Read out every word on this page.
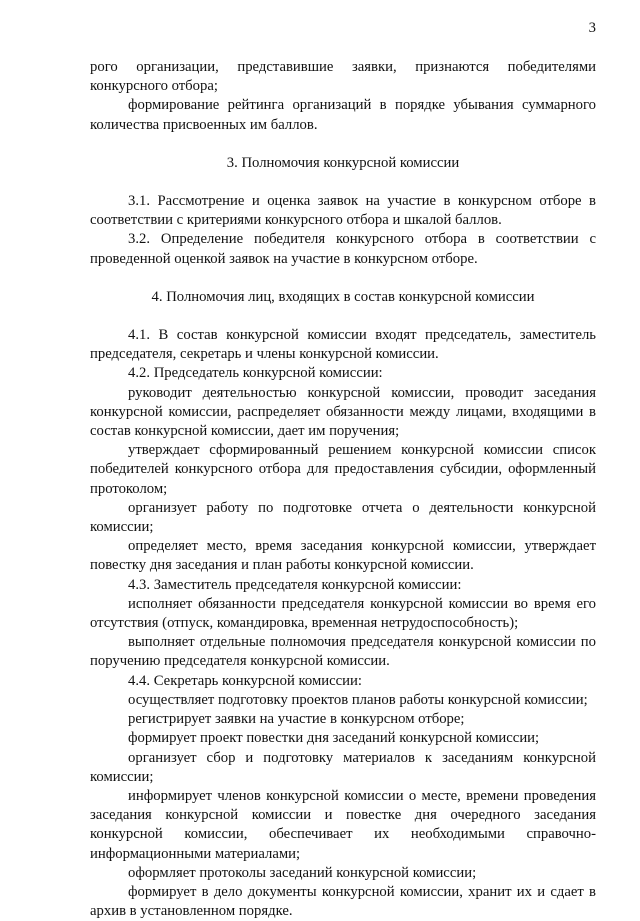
3

рого организации, представившие заявки, признаются победителями конкурсного отбора;

формирование рейтинга организаций в порядке убывания суммарного количества присвоенных им баллов.

3. Полномочия конкурсной комиссии

3.1. Рассмотрение и оценка заявок на участие в конкурсном отборе в соответствии с критериями конкурсного отбора и шкалой баллов.

3.2. Определение победителя конкурсного отбора в соответствии с проведенной оценкой заявок на участие в конкурсном отборе.

4. Полномочия лиц, входящих в состав конкурсной комиссии

4.1. В состав конкурсной комиссии входят председатель, заместитель председателя, секретарь и члены конкурсной комиссии.

4.2. Председатель конкурсной комиссии:

руководит деятельностью конкурсной комиссии, проводит заседания конкурсной комиссии, распределяет обязанности между лицами, входящими в состав конкурсной комиссии, дает им поручения;

утверждает сформированный решением конкурсной комиссии список победителей конкурсного отбора для предоставления субсидии, оформленный протоколом;

организует работу по подготовке отчета о деятельности конкурсной комиссии;

определяет место, время заседания конкурсной комиссии, утверждает повестку дня заседания и план работы конкурсной комиссии.

4.3. Заместитель председателя конкурсной комиссии:

исполняет обязанности председателя конкурсной комиссии во время его отсутствия (отпуск, командировка, временная нетрудоспособность);

выполняет отдельные полномочия председателя конкурсной комиссии по поручению председателя конкурсной комиссии.

4.4. Секретарь конкурсной комиссии:

осуществляет подготовку проектов планов работы конкурсной комиссии;

регистрирует заявки на участие в конкурсном отборе;

формирует проект повестки дня заседаний конкурсной комиссии;

организует сбор и подготовку материалов к заседаниям конкурсной комиссии;

информирует членов конкурсной комиссии о месте, времени проведения заседания конкурсной комиссии и повестке дня очередного заседания конкурсной комиссии, обеспечивает их необходимыми справочно-информационными материалами;

оформляет протоколы заседаний конкурсной комиссии;

формирует в дело документы конкурсной комиссии, хранит их и сдает в архив в установленном порядке.
